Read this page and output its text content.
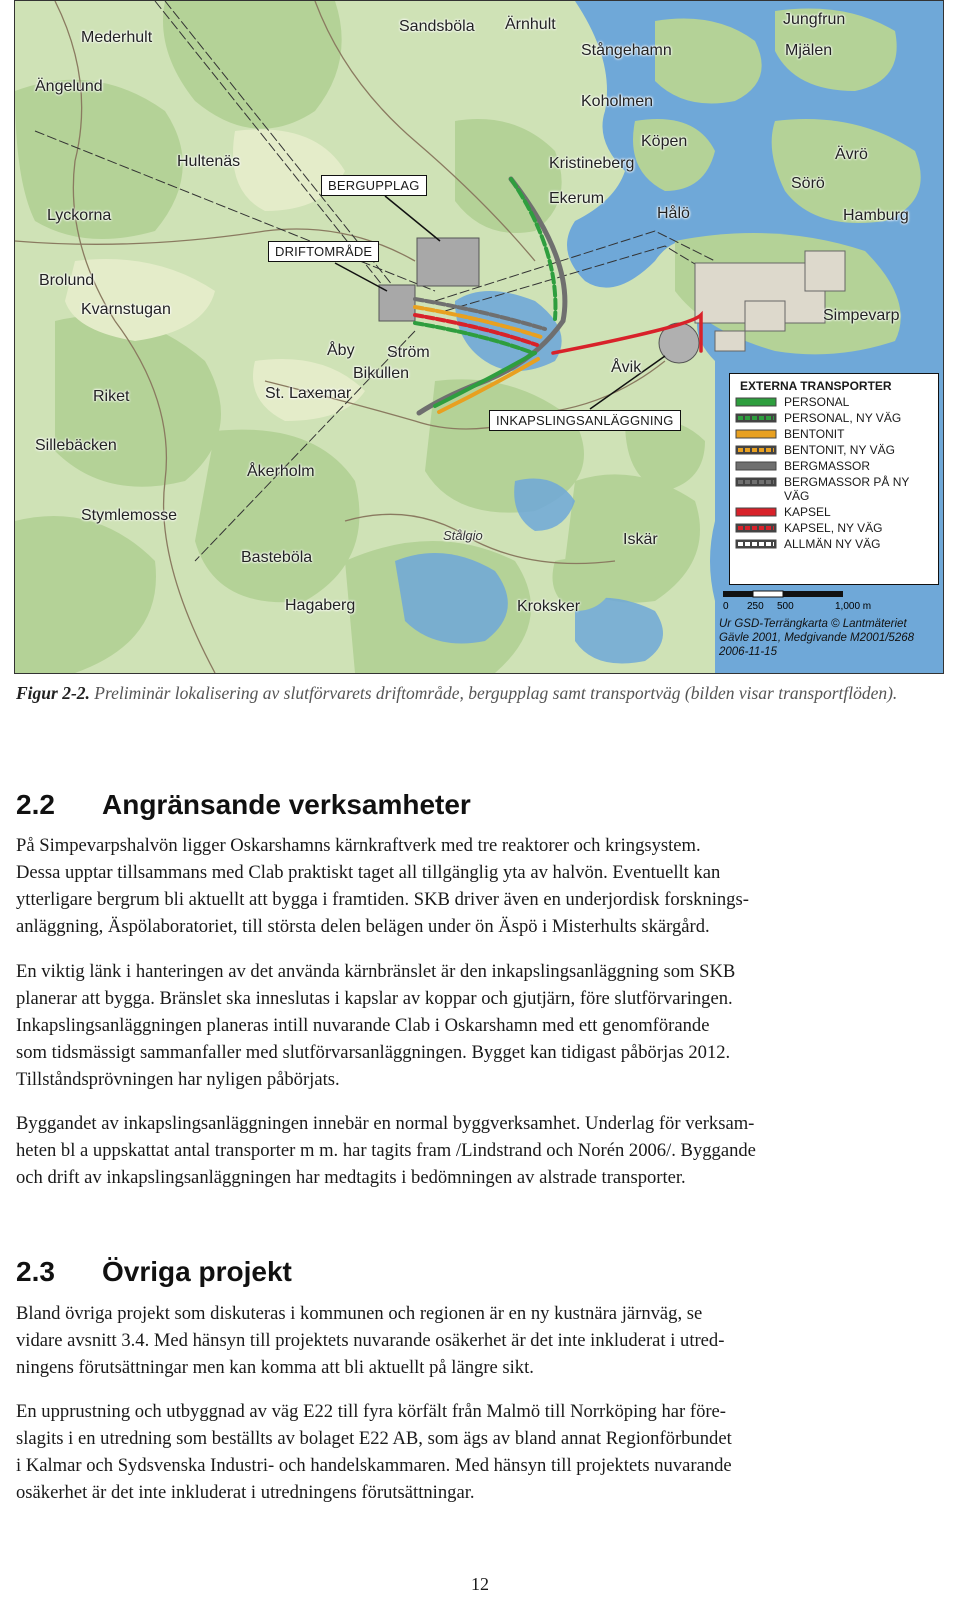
Mederhult
Ängelund
Sandsböla Ärnhult	Jungfrun
Stångehamn	Mjälen
Koholmen
Hultenäs
Köpen
Kristineberg
Ävrö
Ekerum
Sörö
Lyckorna	Hålö	Hamburg
Brolund
Kvarnstugan	Simpevarp
Åby Ström
Bikullen	Åvik
Riket	St. Laxemar
Sillebäcken
Åkerholm
Stymlemosse
Stålgio	Iskär
Basteböla
Hagaberg	Kroksker
BERGUPPLAG
DRIFTOMRÅDE
INKAPSLINGSANLÄGGNING
EXTERNA TRANSPORTER
PERSONAL
PERSONAL, NY VÄG
BENTONIT
BENTONIT, NY VÄG
BERGMASSOR
BERGMASSOR PÅ NY VÄG
KAPSEL
KAPSEL, NY VÄG
ALLMÄN NY VÄG
0 250 500	1,000 m
Ur GSD-Terrängkarta © Lantmäteriet
Gävle 2001, Medgivande M2001/5268
2006-11-15
Figur 2-2. Preliminär lokalisering av slutförvarets driftområde, bergupplag samt transportväg (bilden visar transportflöden).
2.2 Angränsande verksamheter
På Simpevarpshalvön ligger Oskarshamns kärnkraftverk med tre reaktorer och kringsystem.
Dessa upptar tillsammans med Clab praktiskt taget all tillgänglig yta av halvön. Eventuellt kan
ytterligare bergrum bli aktuellt att bygga i framtiden. SKB driver även en underjordisk forsknings-
anläggning, Äspölaboratoriet, till största delen belägen under ön Äspö i Misterhults skärgård.
En viktig länk i hanteringen av det använda kärnbränslet är den inkapslingsanläggning som SKB
planerar att bygga. Bränslet ska inneslutas i kapslar av koppar och gjutjärn, före slutförvaringen.
Inkapslingsanläggningen planeras intill nuvarande Clab i Oskarshamn med ett genomförande
som tidsmässigt sammanfaller med slutförvarsanläggningen. Bygget kan tidigast påbörjas 2012.
Tillståndsprövningen har nyligen påbörjats.
Byggandet av inkapslingsanläggningen innebär en normal byggverksamhet. Underlag för verksam-
heten bl a uppskattat antal transporter m m. har tagits fram /Lindstrand och Norén 2006/. Byggande
och drift av inkapslingsanläggningen har medtagits i bedömningen av alstrade transporter.
2.3 Övriga projekt
Bland övriga projekt som diskuteras i kommunen och regionen är en ny kustnära järnväg, se
vidare avsnitt 3.4. Med hänsyn till projektets nuvarande osäkerhet är det inte inkluderat i utred-
ningens förutsättningar men kan komma att bli aktuellt på längre sikt.
En upprustning och utbyggnad av väg E22 till fyra körfält från Malmö till Norrköping har före-
slagits i en utredning som beställts av bolaget E22 AB, som ägs av bland annat Regionförbundet
i Kalmar och Sydsvenska Industri- och handelskammaren. Med hänsyn till projektets nuvarande
osäkerhet är det inte inkluderat i utredningens förutsättningar.
12
